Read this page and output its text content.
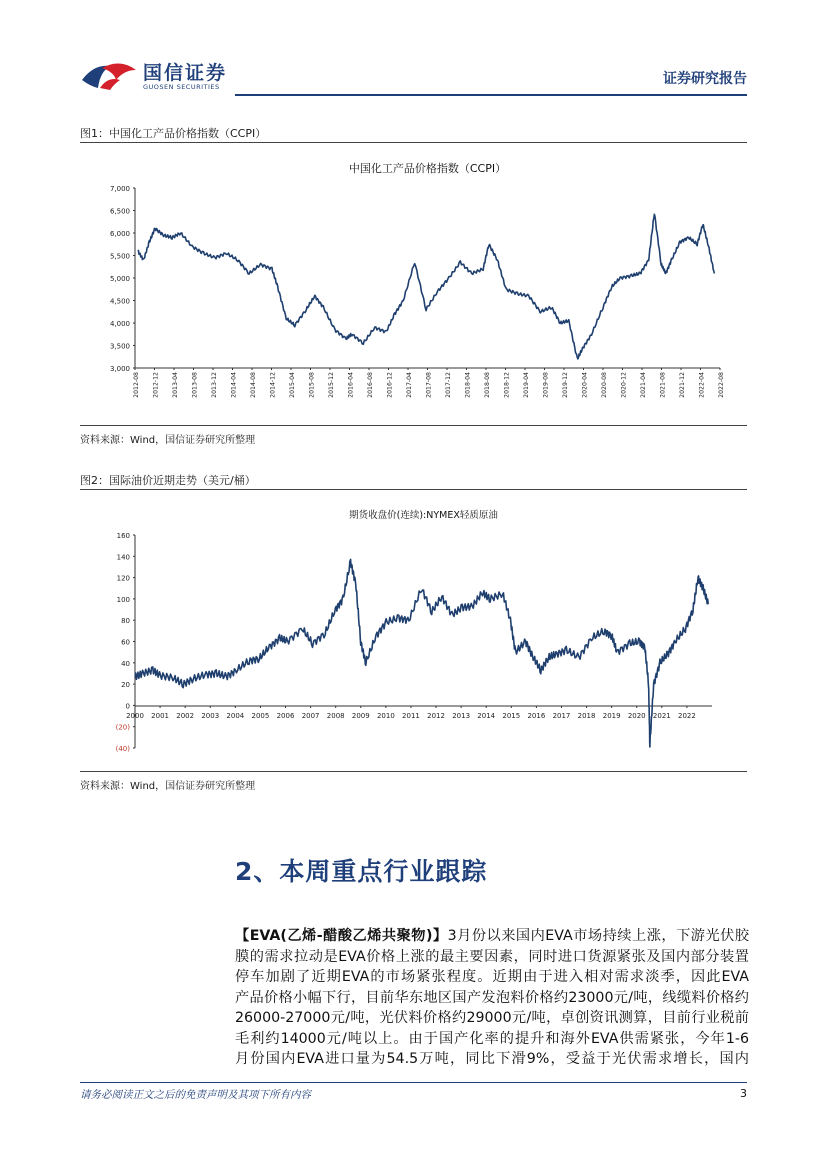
国信证券
GUOSEN SECURITIES	证券研究报告
图1：中国化工产品价格指数（CCPI）
中国化工产品价格指数（CCPI）
7,000
6,500
6,000
5,500
5,000
4,500
4,000
3,500
3,000
2012-08 2012-12 2013-04 2013-08 2013-12 2014-04 2014-08 2014-12 2015-04 2015-08 2015-12 2016-04 2016-08 2016-12 2017-04 2017-08 2017-12 2018-04 2018-08 2018-12 2019-04 2019-08 2019-12 2020-04 2020-08 2020-12 2021-04 2021-08 2021-12 2022-04 2022-08
资料来源：Wind，国信证券研究所整理
图2：国际油价近期走势（美元/桶）
期货收盘价(连续):NYMEX轻质原油
160
140
120
100
80
60
40
20
0
(20)
(40)
2000 2001 2002 2003 2004 2005 2006 2007 2008 2009 2010 2011 2012 2013 2014 2015 2016 2017 2018 2019 2020 2021 2022
资料来源：Wind，国信证券研究所整理
2、本周重点行业跟踪
【EVA(乙烯-醋酸乙烯共聚物)】3月份以来国内EVA市场持续上涨，下游光伏胶
膜的需求拉动是EVA价格上涨的最主要因素，同时进口货源紧张及国内部分装置
停车加剧了近期EVA的市场紧张程度。近期由于进入相对需求淡季，因此EVA
产品价格小幅下行，目前华东地区国产发泡料价格约23000元/吨，线缆料价格约
26000-27000元/吨，光伏料价格约29000元/吨，卓创资讯测算，目前行业税前
毛利约14000元/吨以上。由于国产化率的提升和海外EVA供需紧张，今年1-6
月份国内EVA进口量为54.5万吨，同比下滑9%，受益于光伏需求增长，国内
请务必阅读正文之后的免责声明及其项下所有内容	3
